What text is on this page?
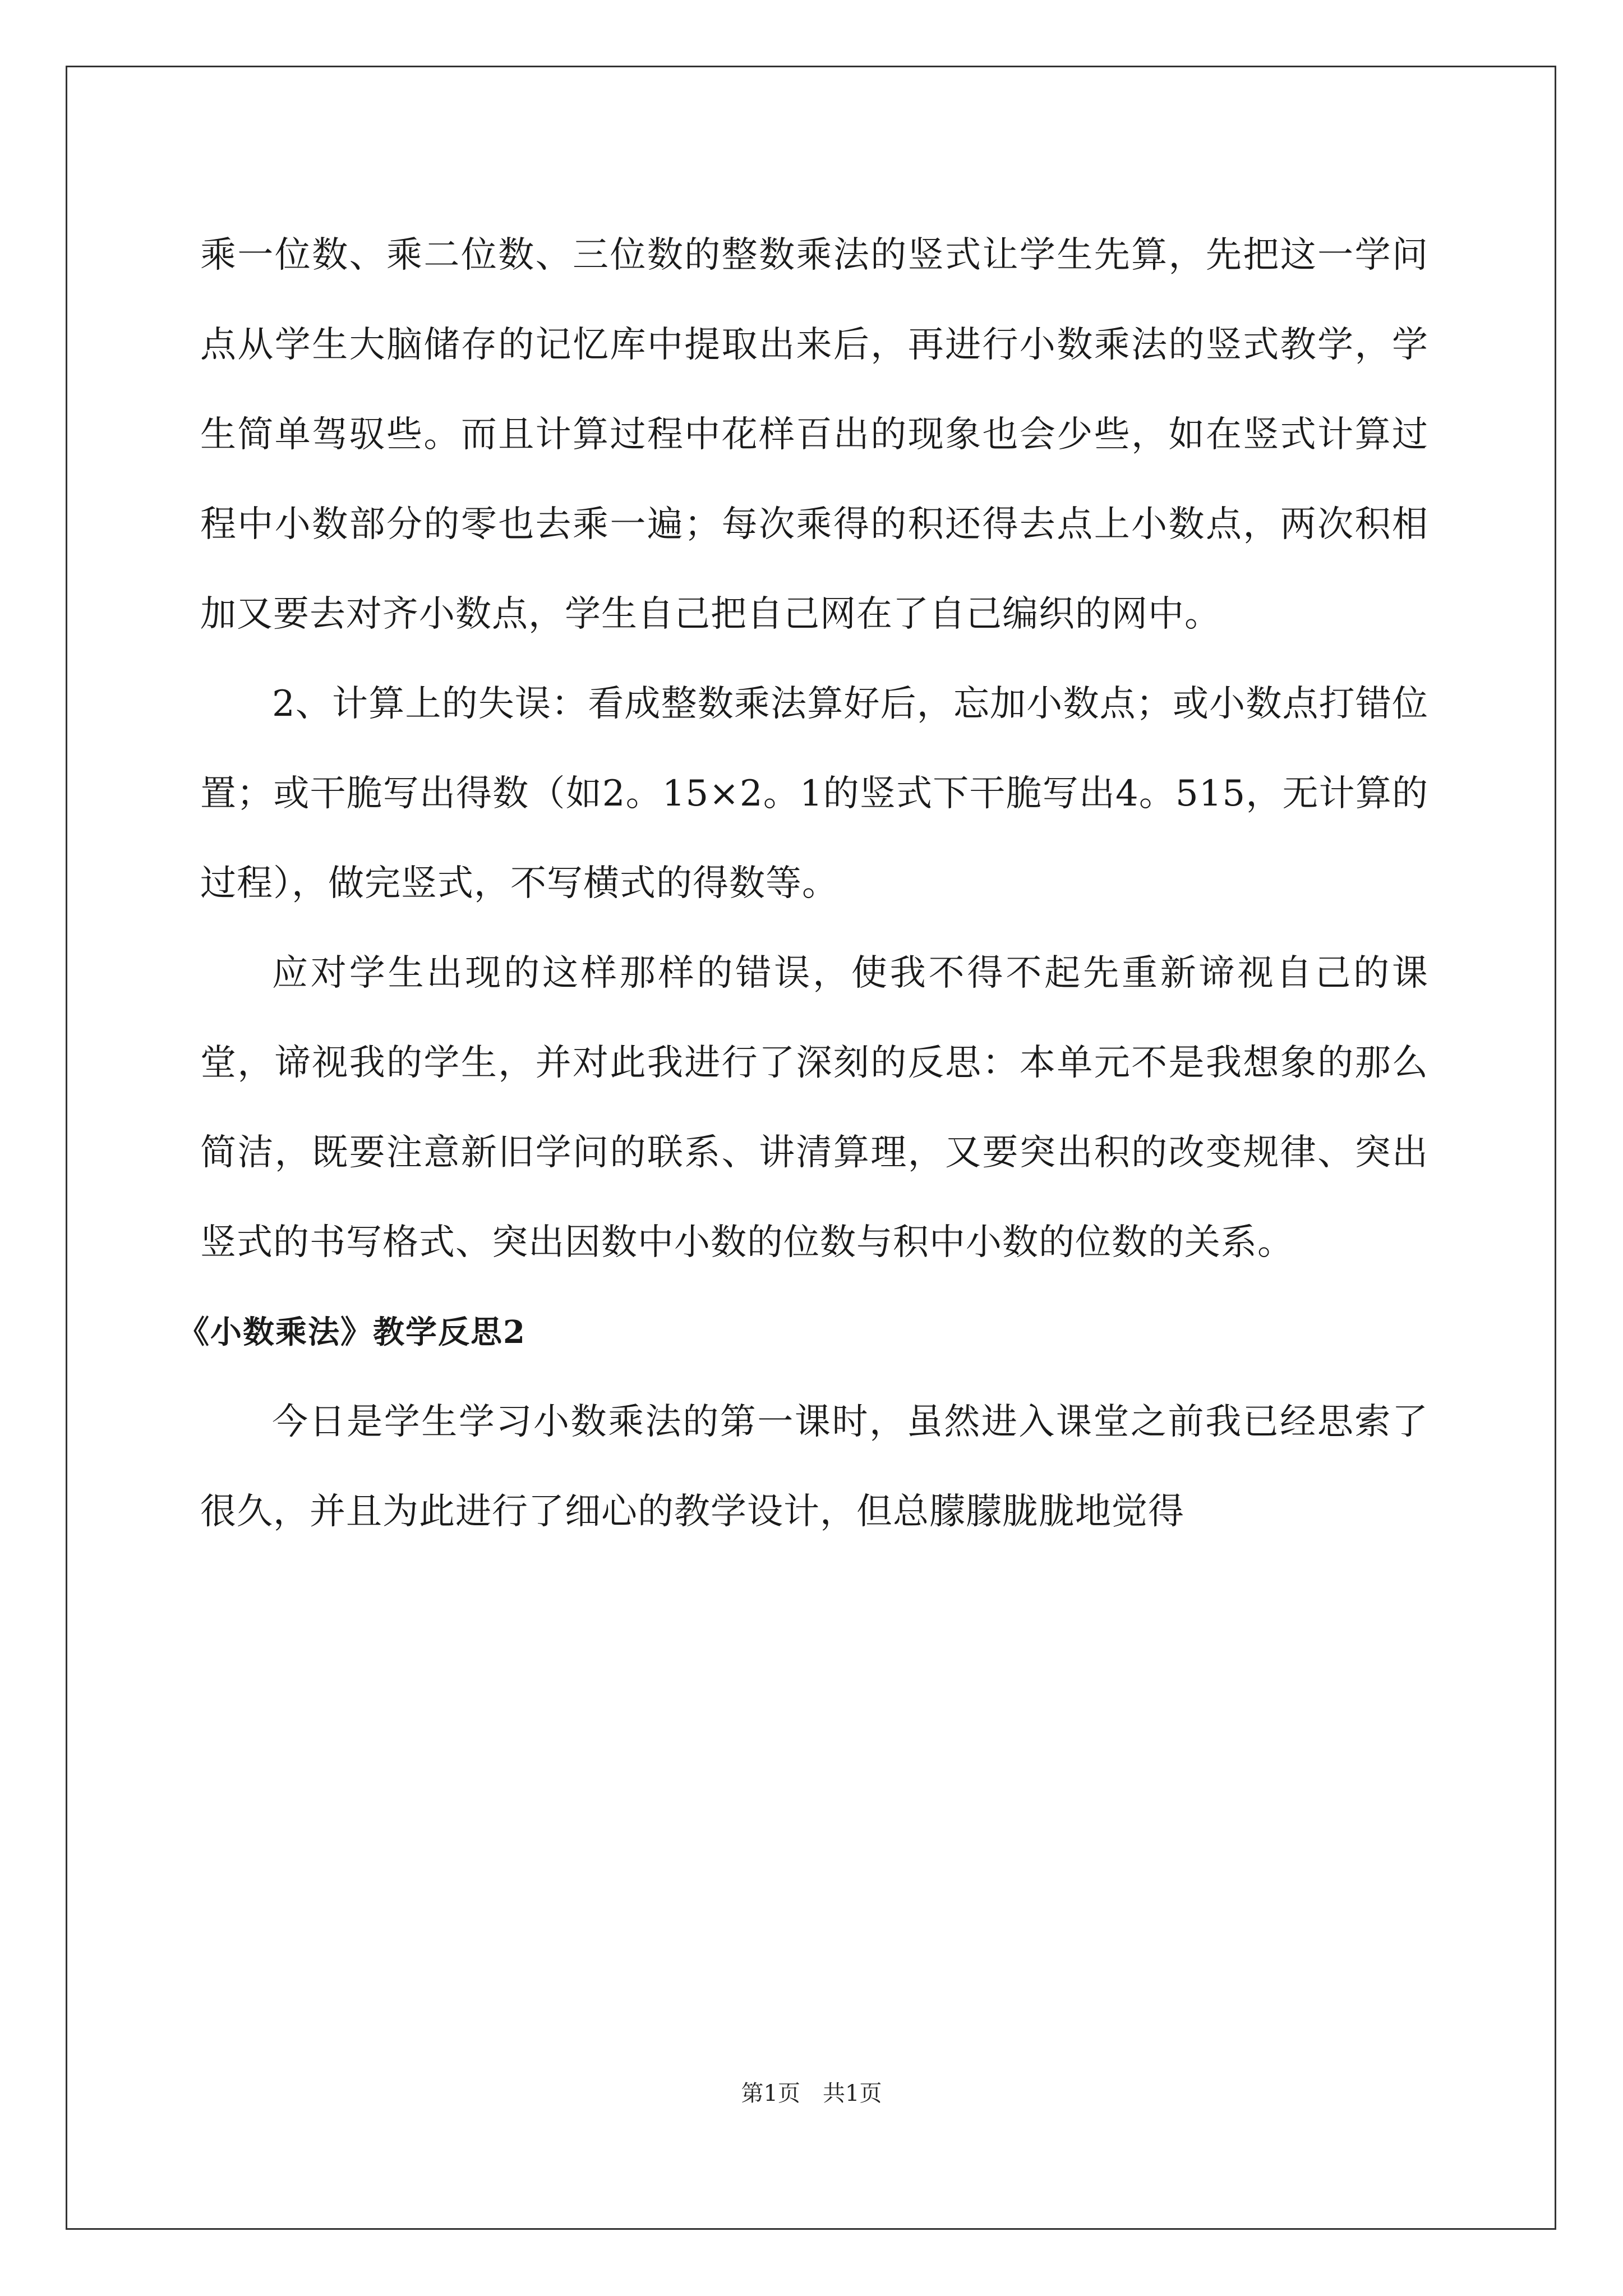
乘一位数、乘二位数、三位数的整数乘法的竖式让学生先算，先把这一学问点从学生大脑储存的记忆库中提取出来后，再进行小数乘法的竖式教学，学生简单驾驭些。而且计算过程中花样百出的现象也会少些，如在竖式计算过程中小数部分的零也去乘一遍；每次乘得的积还得去点上小数点，两次积相加又要去对齐小数点，学生自己把自己网在了自己编织的网中。

2、计算上的失误：看成整数乘法算好后，忘加小数点；或小数点打错位置；或干脆写出得数（如2。15×2。1的竖式下干脆写出4。515，无计算的过程），做完竖式，不写横式的得数等。

应对学生出现的这样那样的错误，使我不得不起先重新谛视自己的课堂，谛视我的学生，并对此我进行了深刻的反思：本单元不是我想象的那么简洁，既要注意新旧学问的联系、讲清算理，又要突出积的改变规律、突出竖式的书写格式、突出因数中小数的位数与积中小数的位数的关系。

《小数乘法》教学反思2

今日是学生学习小数乘法的第一课时，虽然进入课堂之前我已经思索了很久，并且为此进行了细心的教学设计，但总朦朦胧胧地觉得

第1页 共1页
